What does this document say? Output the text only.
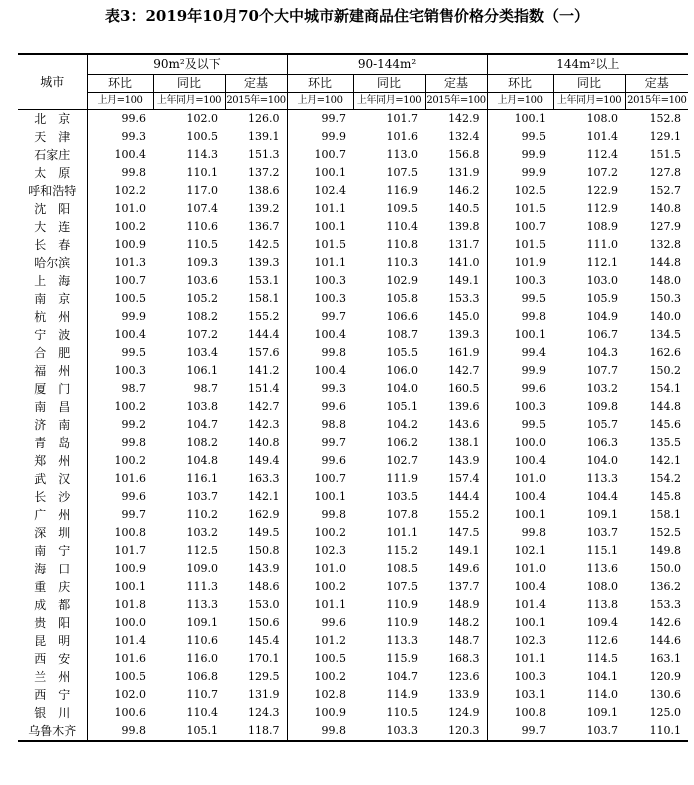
表3：2019年10月70个大中城市新建商品住宅销售价格分类指数（一）
城市	90m²及以下			90-144m²			144m²以上		
	环比	同比	定基	环比	同比	定基	环比	同比	定基
	上月=100	上年同月=100	2015年=100	上月=100	上年同月=100	2015年=100	上月=100	上年同月=100	2015年=100
北　京	99.6	102.0	126.0	99.7	101.7	142.9	100.1	108.0	152.8
天　津	99.3	100.5	139.1	99.9	101.6	132.4	99.5	101.4	129.1
石家庄	100.4	114.3	151.3	100.7	113.0	156.8	99.9	112.4	151.5
太　原	99.8	110.1	137.2	100.1	107.5	131.9	99.9	107.2	127.8
呼和浩特	102.2	117.0	138.6	102.4	116.9	146.2	102.5	122.9	152.7
沈　阳	101.0	107.4	139.2	101.1	109.5	140.5	101.5	112.9	140.8
大　连	100.2	110.6	136.7	100.1	110.4	139.8	100.7	108.9	127.9
长　春	100.9	110.5	142.5	101.5	110.8	131.7	101.5	111.0	132.8
哈尔滨	101.3	109.3	139.3	101.1	110.3	141.0	101.9	112.1	144.8
上　海	100.7	103.6	153.1	100.3	102.9	149.1	100.3	103.0	148.0
南　京	100.5	105.2	158.1	100.3	105.8	153.3	99.5	105.9	150.3
杭　州	99.9	108.2	155.2	99.7	106.6	145.0	99.8	104.9	140.0
宁　波	100.4	107.2	144.4	100.4	108.7	139.3	100.1	106.7	134.5
合　肥	99.5	103.4	157.6	99.8	105.5	161.9	99.4	104.3	162.6
福　州	100.3	106.1	141.2	100.4	106.0	142.7	99.9	107.7	150.2
厦　门	98.7	98.7	151.4	99.3	104.0	160.5	99.6	103.2	154.1
南　昌	100.2	103.8	142.7	99.6	105.1	139.6	100.3	109.8	144.8
济　南	99.2	104.7	142.3	98.8	104.2	143.6	99.5	105.7	145.6
青　岛	99.8	108.2	140.8	99.7	106.2	138.1	100.0	106.3	135.5
郑　州	100.2	104.8	149.4	99.6	102.7	143.9	100.4	104.0	142.1
武　汉	101.6	116.1	163.3	100.7	111.9	157.4	101.0	113.3	154.2
长　沙	99.6	103.7	142.1	100.1	103.5	144.4	100.4	104.4	145.8
广　州	99.7	110.2	162.9	99.8	107.8	155.2	100.1	109.1	158.1
深　圳	100.8	103.2	149.5	100.2	101.1	147.5	99.8	103.7	152.5
南　宁	101.7	112.5	150.8	102.3	115.2	149.1	102.1	115.1	149.8
海　口	100.9	109.0	143.9	101.0	108.5	149.6	101.0	113.6	150.0
重　庆	100.1	111.3	148.6	100.2	107.5	137.7	100.4	108.0	136.2
成　都	101.8	113.3	153.0	101.1	110.9	148.9	101.4	113.8	153.3
贵　阳	100.0	109.1	150.6	99.6	110.9	148.2	100.1	109.4	142.6
昆　明	101.4	110.6	145.4	101.2	113.3	148.7	102.3	112.6	144.6
西　安	101.6	116.0	170.1	100.5	115.9	168.3	101.1	114.5	163.1
兰　州	100.5	106.8	129.5	100.2	104.7	123.6	100.3	104.1	120.9
西　宁	102.0	110.7	131.9	102.8	114.9	133.9	103.1	114.0	130.6
银　川	100.6	110.4	124.3	100.9	110.5	124.9	100.8	109.1	125.0
乌鲁木齐	99.8	105.1	118.7	99.8	103.3	120.3	99.7	103.7	110.1
